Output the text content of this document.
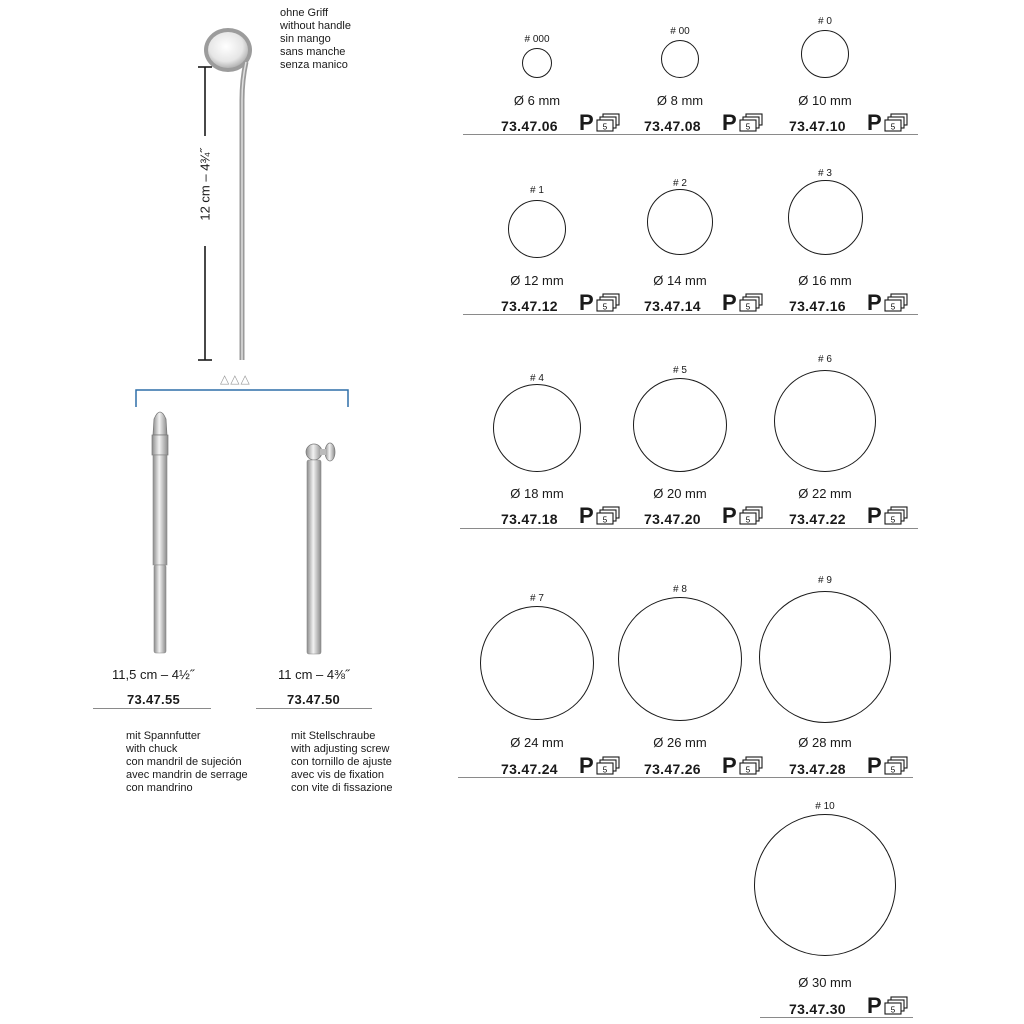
ohne Griff
without handle
sin mango
sans manche
senza manico
12 cm – 4¾˝
△△△
11,5 cm – 4½˝
73.47.55
11 cm – 4⅜˝
73.47.50
mit Spannfutter
with chuck
con mandril de sujeción
avec mandrin de serrage
con mandrino
mit Stellschraube
with adjusting screw
con tornillo de ajuste
avec vis de fixation
con vite di fissazione
# 000
Ø 6 mm
73.47.06 P 5
# 00
Ø 8 mm
73.47.08 P 5
# 0
Ø 10 mm
73.47.10 P 5
# 1
Ø 12 mm
73.47.12 P 5
# 2
Ø 14 mm
73.47.14 P 5
# 3
Ø 16 mm
73.47.16 P 5
# 4
Ø 18 mm
73.47.18 P 5
# 5
Ø 20 mm
73.47.20 P 5
# 6
Ø 22 mm
73.47.22 P 5
# 7
Ø 24 mm
73.47.24 P 5
# 8
Ø 26 mm
73.47.26 P 5
# 9
Ø 28 mm
73.47.28 P 5
# 10
Ø 30 mm
73.47.30 P 5
